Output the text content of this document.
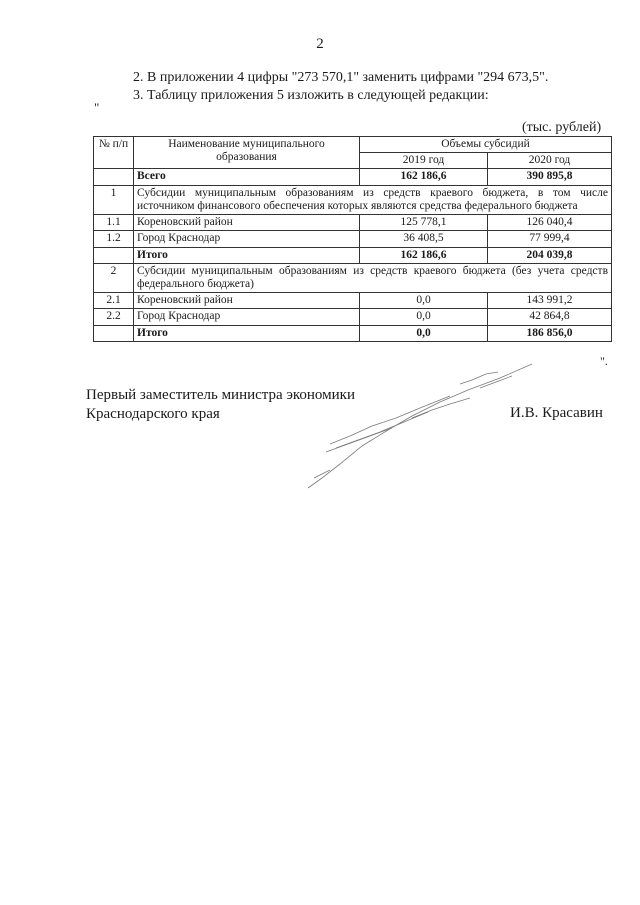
2
2. В приложении 4 цифры "273 570,1" заменить цифрами "294 673,5".
3. Таблицу приложения 5 изложить в следующей редакции:
"
(тыс. рублей)
№ п/п	Наименование муниципального образования	Объемы субсидий	
		2019 год	2020 год
	Всего	162 186,6	390 895,8
1	Субсидии муниципальным образованиям из средств краевого бюджета, в том числе источником финансового обеспечения которых являются средства федерального бюджета		
1.1	Кореновский район	125 778,1	126 040,4
1.2	Город Краснодар	36 408,5	77 999,4
	Итого	162 186,6	204 039,8
2	Субсидии муниципальным образованиям из средств краевого бюджета (без учета средств федерального бюджета)		
2.1	Кореновский район	0,0	143 991,2
2.2	Город Краснодар	0,0	42 864,8
	Итого	0,0	186 856,0
".
Первый заместитель министра экономики
Краснодарского края	И.В. Красавин
